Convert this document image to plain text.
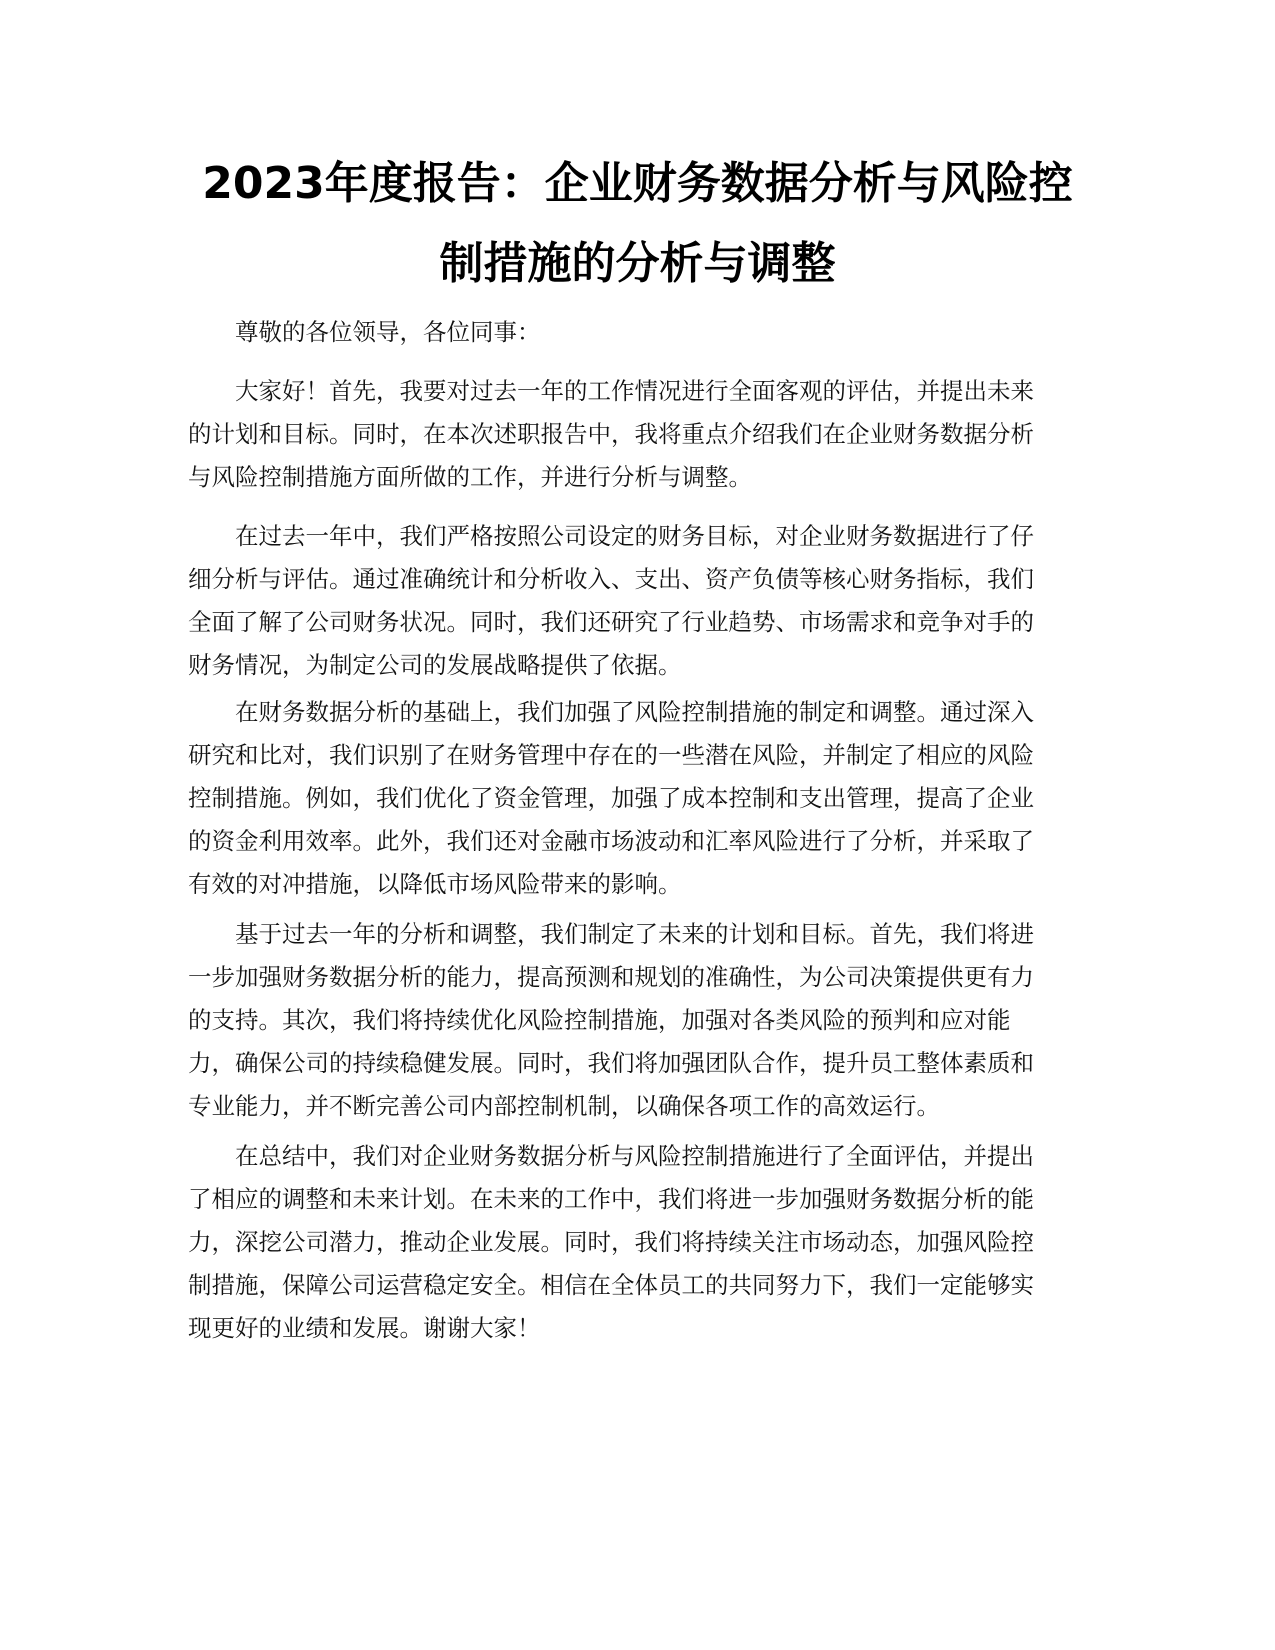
2023年度报告：企业财务数据分析与风险控
制措施的分析与调整

尊敬的各位领导，各位同事：

大家好！首先，我要对过去一年的工作情况进行全面客观的评估，并提出未来
的计划和目标。同时，在本次述职报告中，我将重点介绍我们在企业财务数据分析
与风险控制措施方面所做的工作，并进行分析与调整。

在过去一年中，我们严格按照公司设定的财务目标，对企业财务数据进行了仔
细分析与评估。通过准确统计和分析收入、支出、资产负债等核心财务指标，我们
全面了解了公司财务状况。同时，我们还研究了行业趋势、市场需求和竞争对手的
财务情况，为制定公司的发展战略提供了依据。

在财务数据分析的基础上，我们加强了风险控制措施的制定和调整。通过深入
研究和比对，我们识别了在财务管理中存在的一些潜在风险，并制定了相应的风险
控制措施。例如，我们优化了资金管理，加强了成本控制和支出管理，提高了企业
的资金利用效率。此外，我们还对金融市场波动和汇率风险进行了分析，并采取了
有效的对冲措施，以降低市场风险带来的影响。

基于过去一年的分析和调整，我们制定了未来的计划和目标。首先，我们将进
一步加强财务数据分析的能力，提高预测和规划的准确性，为公司决策提供更有力
的支持。其次，我们将持续优化风险控制措施，加强对各类风险的预判和应对能
力，确保公司的持续稳健发展。同时，我们将加强团队合作，提升员工整体素质和
专业能力，并不断完善公司内部控制机制，以确保各项工作的高效运行。

在总结中，我们对企业财务数据分析与风险控制措施进行了全面评估，并提出
了相应的调整和未来计划。在未来的工作中，我们将进一步加强财务数据分析的能
力，深挖公司潜力，推动企业发展。同时，我们将持续关注市场动态，加强风险控
制措施，保障公司运营稳定安全。相信在全体员工的共同努力下，我们一定能够实
现更好的业绩和发展。谢谢大家！
